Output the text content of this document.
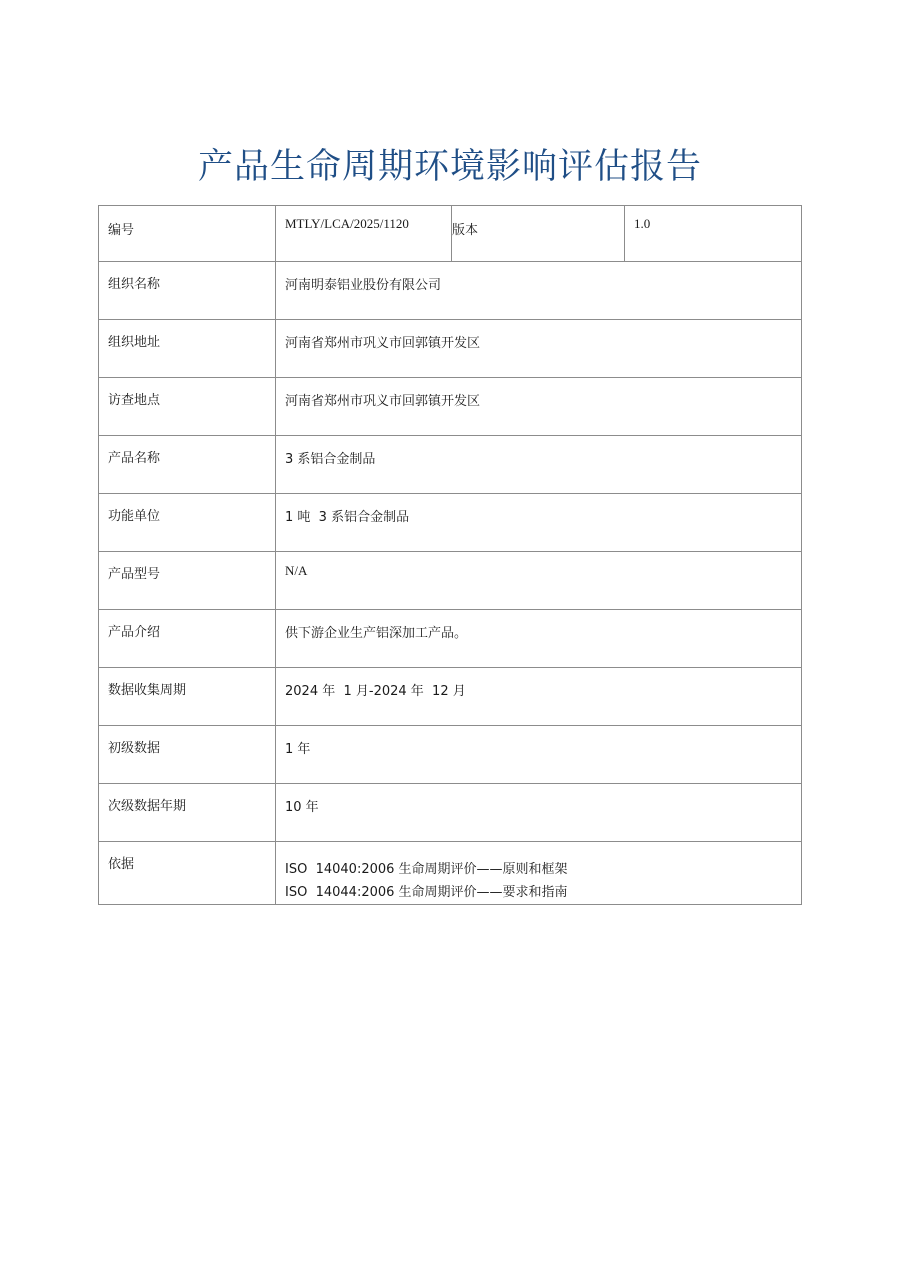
产品生命周期环境影响评估报告
编号	MTLY/LCA/2025/1120	版本	1.0
组织名称	河南明泰铝业股份有限公司		
组织地址	河南省郑州市巩义市回郭镇开发区		
访查地点	河南省郑州市巩义市回郭镇开发区		
产品名称	3 系铝合金制品		
功能单位	1 吨  3 系铝合金制品		
产品型号	N/A		
产品介绍	供下游企业生产铝深加工产品。		
数据收集周期	2024 年  1 月-2024 年  12 月		
初级数据	1 年		
次级数据年期	10 年		
依据	ISO  14040:2006 生命周期评价——原则和框架
ISO  14044:2006 生命周期评价——要求和指南		
